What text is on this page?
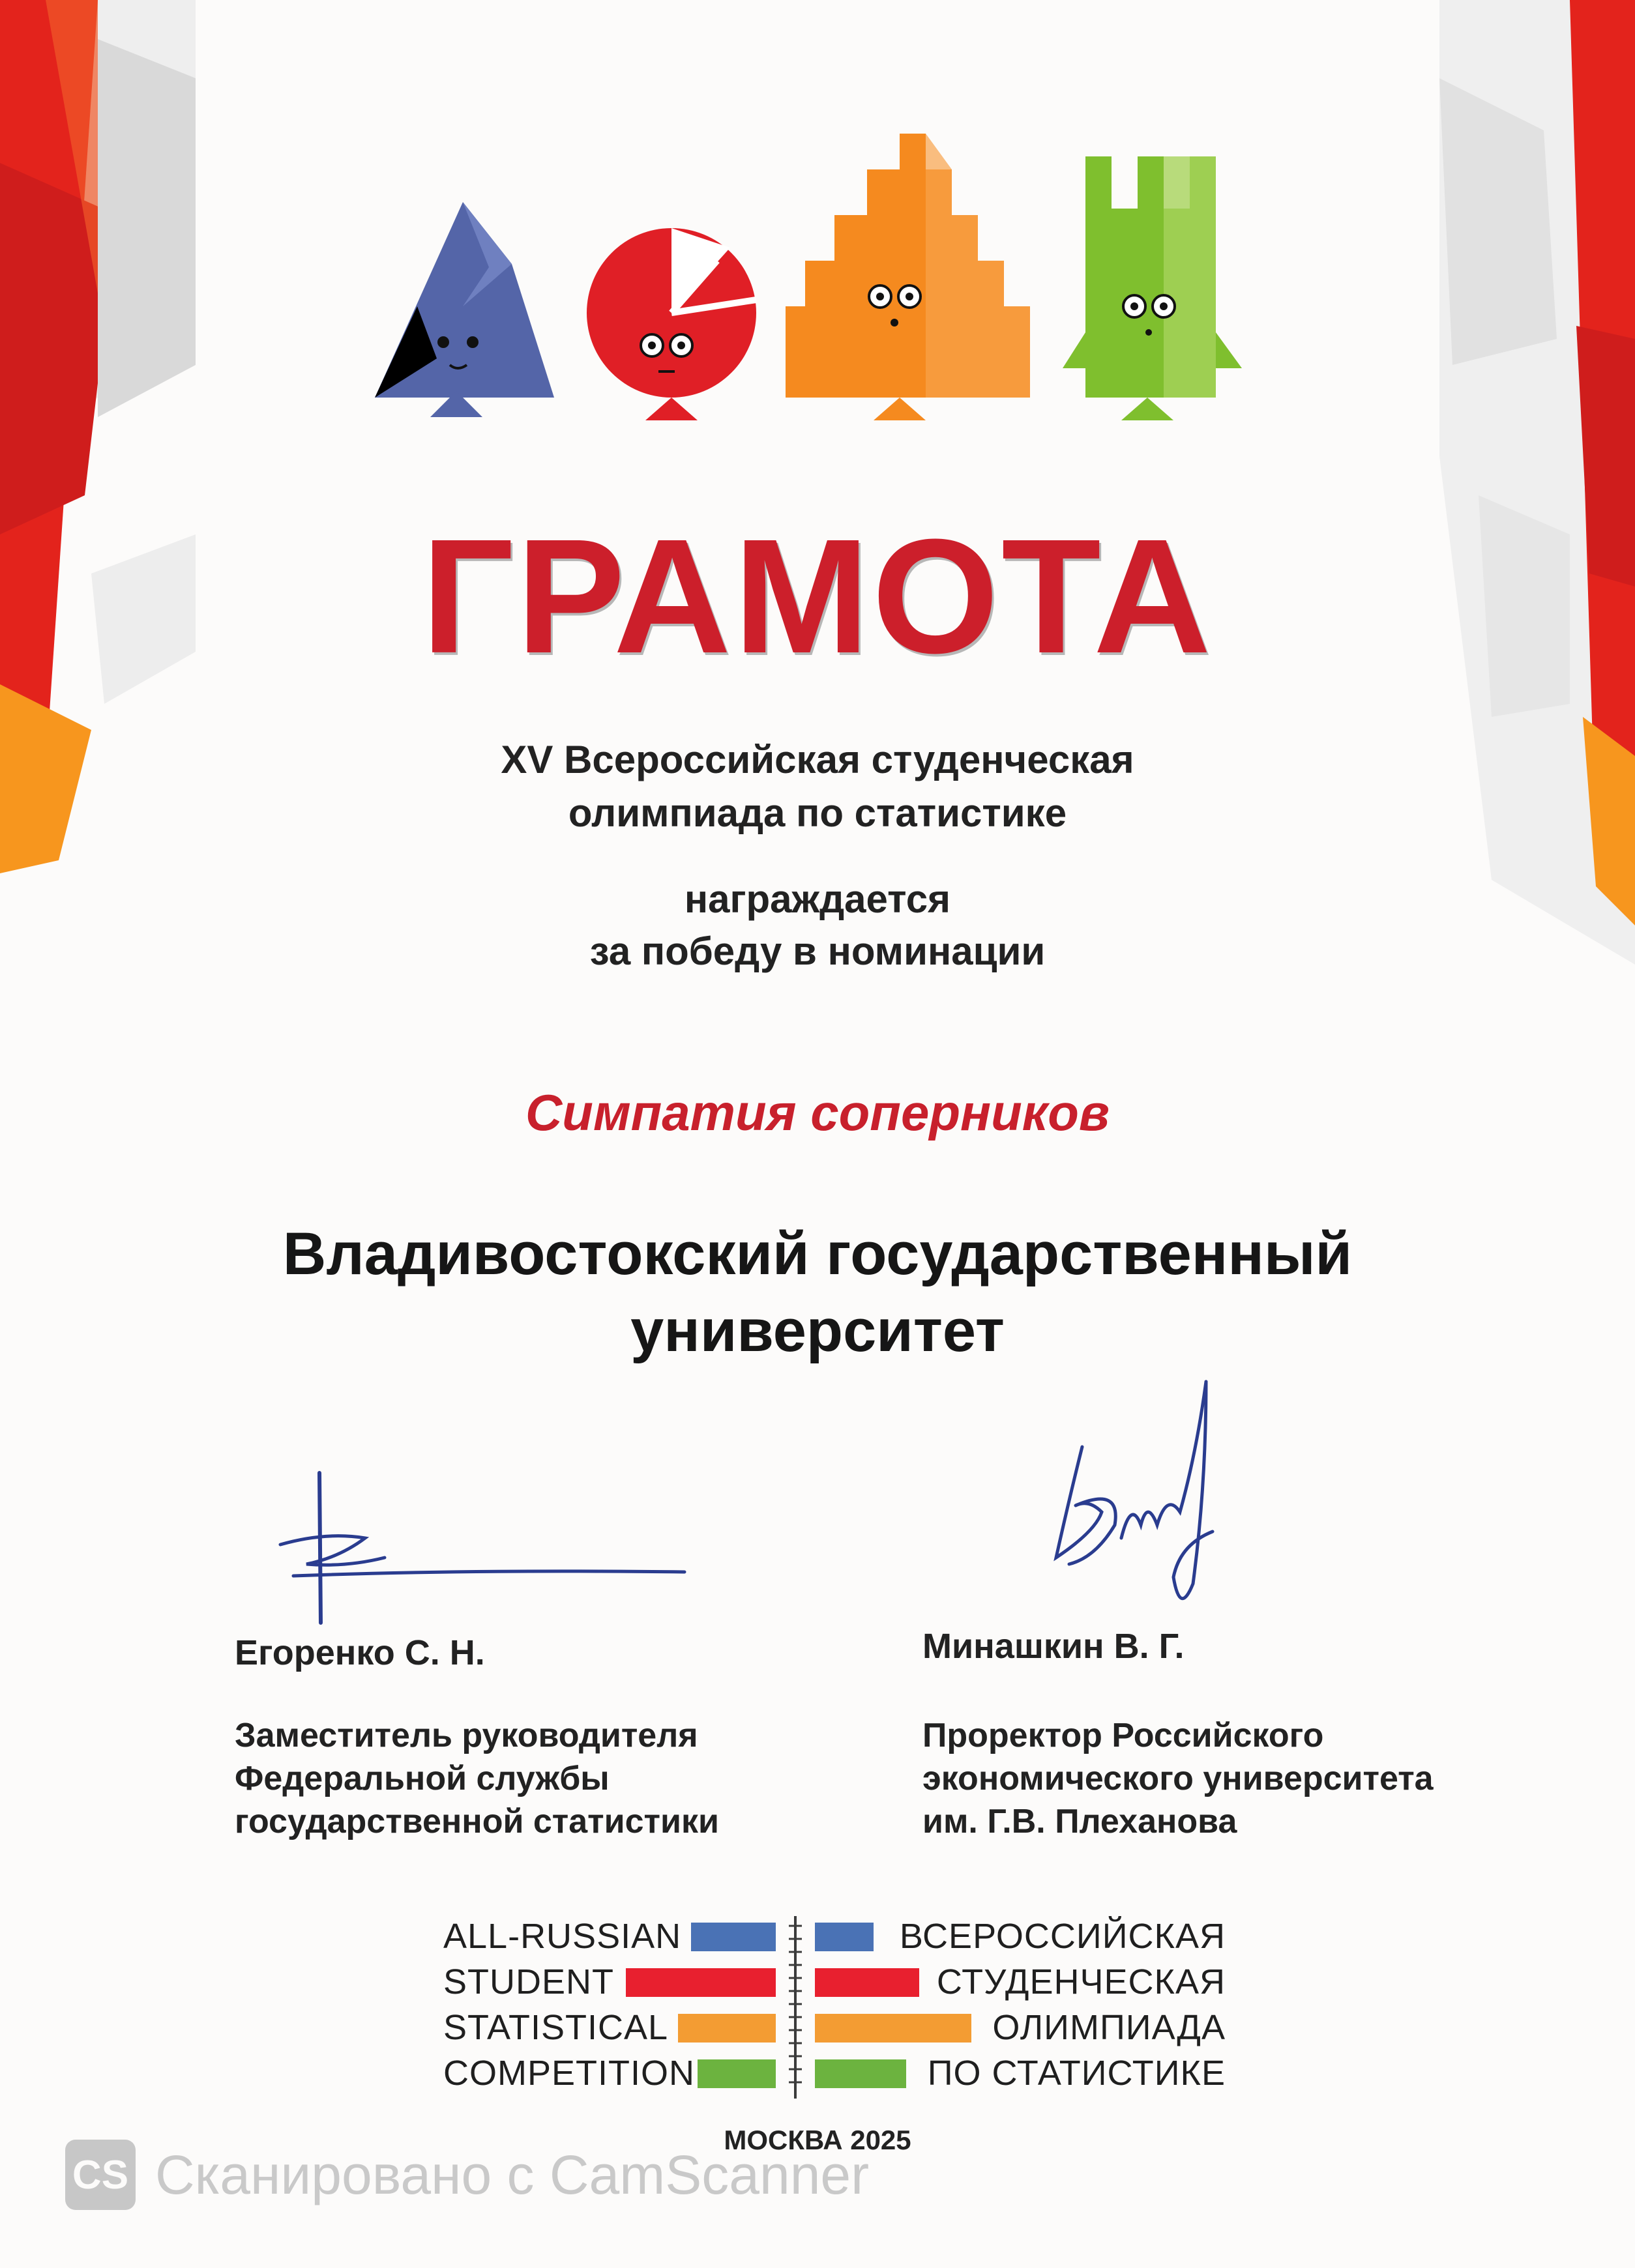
ГРАМОТА
XV Всероссийская студенческая
олимпиада по статистике
награждается
за победу в номинации
Симпатия соперников
Владивостокский государственный
университет
Егоренко С. Н.
Заместитель руководителя
Федеральной службы
государственной статистики
Минашкин В. Г.
Проректор Российского
экономического университета
им. Г.В. Плеханова
ALL-RUSSIAN
STUDENT
STATISTICAL
COMPETITION
ВСЕРОССИЙСКАЯ
СТУДЕНЧЕСКАЯ
ОЛИМПИАДА
ПО СТАТИСТИКЕ
МОСКВА 2025
CS Сканировано с CamScanner
